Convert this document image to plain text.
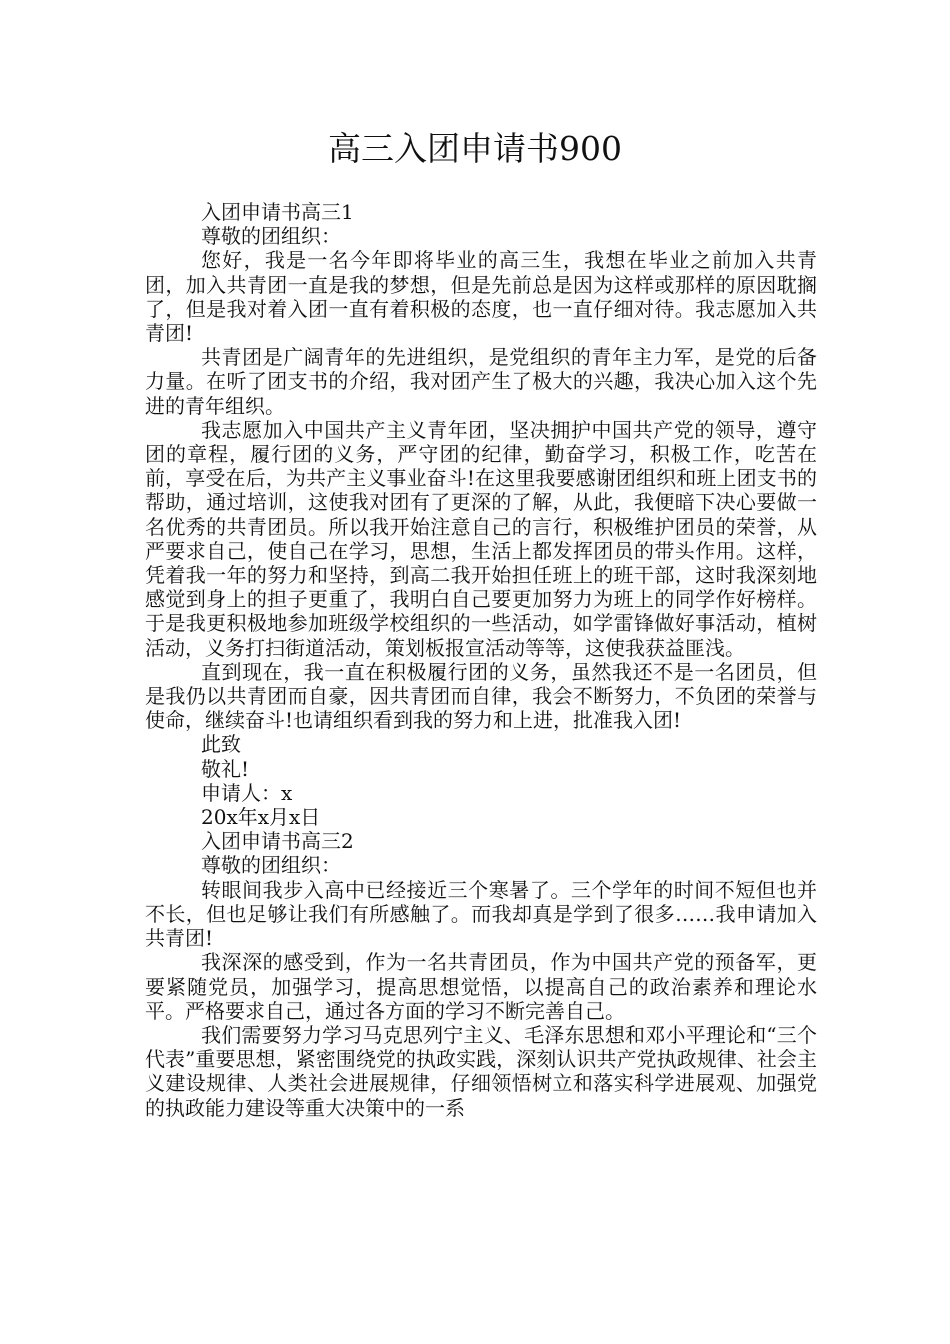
高三入团申请书900

入团申请书高三1

尊敬的团组织：

您好，我是一名今年即将毕业的高三生，我想在毕业之前加入共青团，加入共青团一直是我的梦想，但是先前总是因为这样或那样的原因耽搁了，但是我对着入团一直有着积极的态度，也一直仔细对待。我志愿加入共青团!

共青团是广阔青年的先进组织，是党组织的青年主力军，是党的后备力量。在听了团支书的介绍，我对团产生了极大的兴趣，我决心加入这个先进的青年组织。

我志愿加入中国共产主义青年团，坚决拥护中国共产党的领导，遵守团的章程，履行团的义务，严守团的纪律，勤奋学习，积极工作，吃苦在前，享受在后，为共产主义事业奋斗!在这里我要感谢团组织和班上团支书的帮助，通过培训，这使我对团有了更深的了解，从此，我便暗下决心要做一名优秀的共青团员。所以我开始注意自己的言行，积极维护团员的荣誉，从严要求自己，使自己在学习，思想，生活上都发挥团员的带头作用。这样，凭着我一年的努力和坚持，到高二我开始担任班上的班干部，这时我深刻地感觉到身上的担子更重了，我明白自己要更加努力为班上的同学作好榜样。于是我更积极地参加班级学校组织的一些活动，如学雷锋做好事活动，植树活动，义务打扫街道活动，策划板报宣活动等等，这使我获益匪浅。

直到现在，我一直在积极履行团的义务，虽然我还不是一名团员，但是我仍以共青团而自豪，因共青团而自律，我会不断努力，不负团的荣誉与使命，继续奋斗!也请组织看到我的努力和上进，批准我入团!

此致

敬礼!

申请人：x

20x年x月x日

入团申请书高三2

尊敬的团组织：

转眼间我步入高中已经接近三个寒暑了。三个学年的时间不短但也并不长，但也足够让我们有所感触了。而我却真是学到了很多……我申请加入共青团!

我深深的感受到，作为一名共青团员，作为中国共产党的预备军，更要紧随党员，加强学习，提高思想觉悟，以提高自己的政治素养和理论水平。严格要求自己，通过各方面的学习不断完善自己。

我们需要努力学习马克思列宁主义、毛泽东思想和邓小平理论和“三个代表”重要思想，紧密围绕党的执政实践，深刻认识共产党执政规律、社会主义建设规律、人类社会进展规律，仔细领悟树立和落实科学进展观、加强党的执政能力建设等重大决策中的一系
